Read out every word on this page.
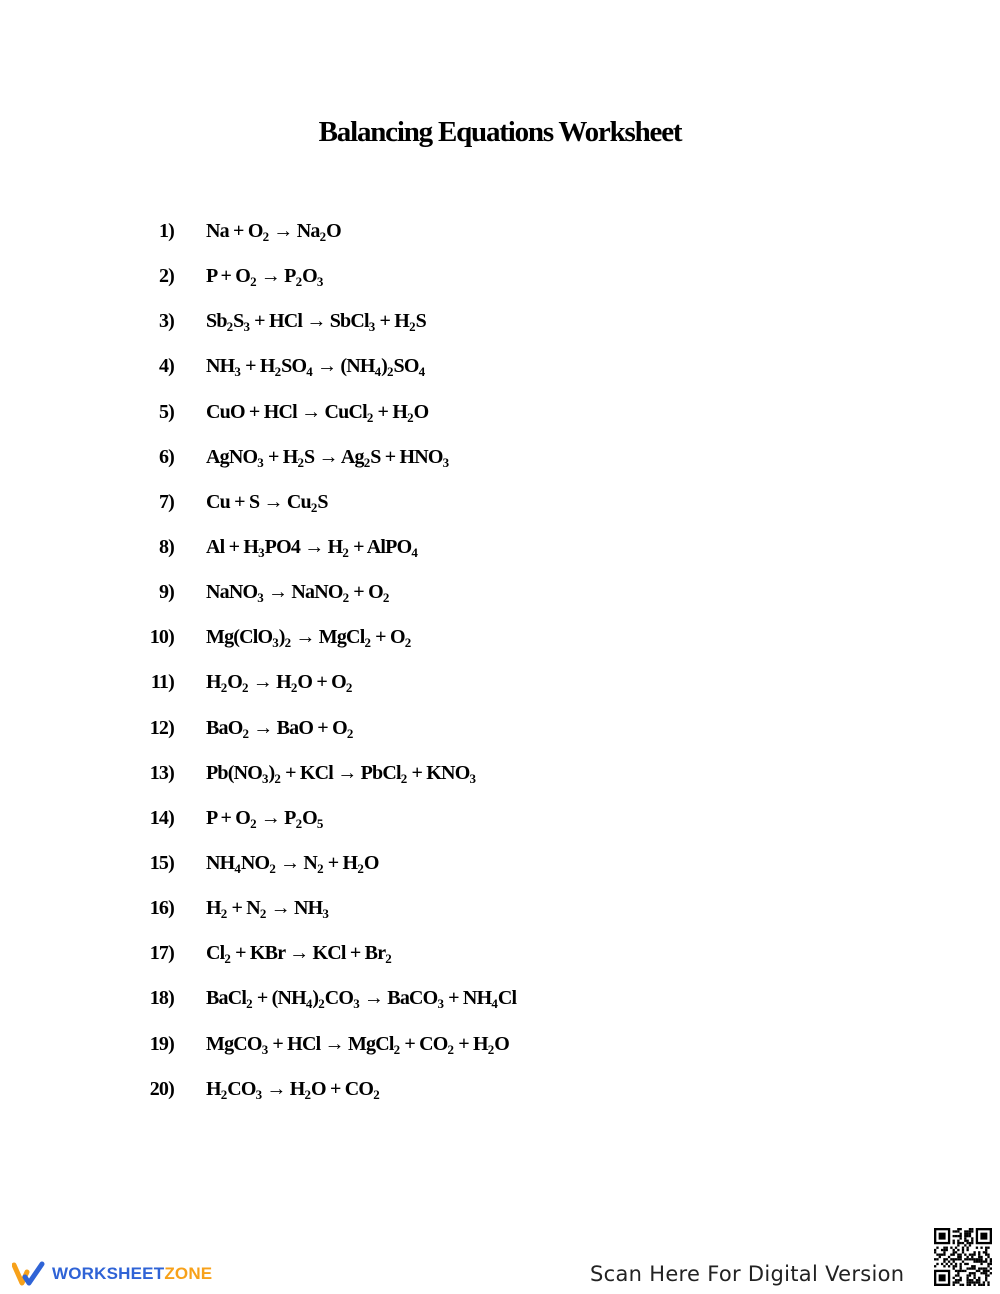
Balancing Equations Worksheet
1) $Na + O_2 \to Na_2O$
2) $P + O_2 \to P_2O_3$
3) $Sb_2S_3$ + HCl → SbCl$_3$ + $H_2S$
4) $NH_3 + H_2SO_4 \to (NH_4)_2SO_4$
5) CuO + HCl → CuCl$_2$ + $H_2O$
6) AgNO$_3$ + $H_2S \to Ag_2S + HNO_3$
7) $Cu + S \to Cu_2S$
8) $Al + H_3PO4 \to H_2$ + AlPO$_4$
9) NaNO$_3$ → NaNO$_2$ + $O_2$
10) $Mg(ClO_3)_2$ → MgCl$_2$ + $O_2$
11) $H_2O_2 \to H_2O + O_2$
12) BaO$_2$ → BaO + $O_2$
13) $Pb(NO_3)_2$ + KCl → PbCl$_2$ + $KNO_3$
14) $P + O_2 \to P_2O_5$
15) $NH_4NO_2 \to N_2 + H_2O$
16) $H_2 + N_2 \to NH_3$
17) $Cl_2$ + KBr → KCl + $Br_2$
18) BaCl$_2$ + $(NH_4)_2CO_3$ → BaCO$_3$ + $NH_4Cl$
19) MgCO$_3$ + HCl → MgCl$_2$ + $CO_2 + H_2O$
20) $H_2CO_3 \to H_2O + CO_2$
WORKSHEETZONE	Scan Here For Digital Version
